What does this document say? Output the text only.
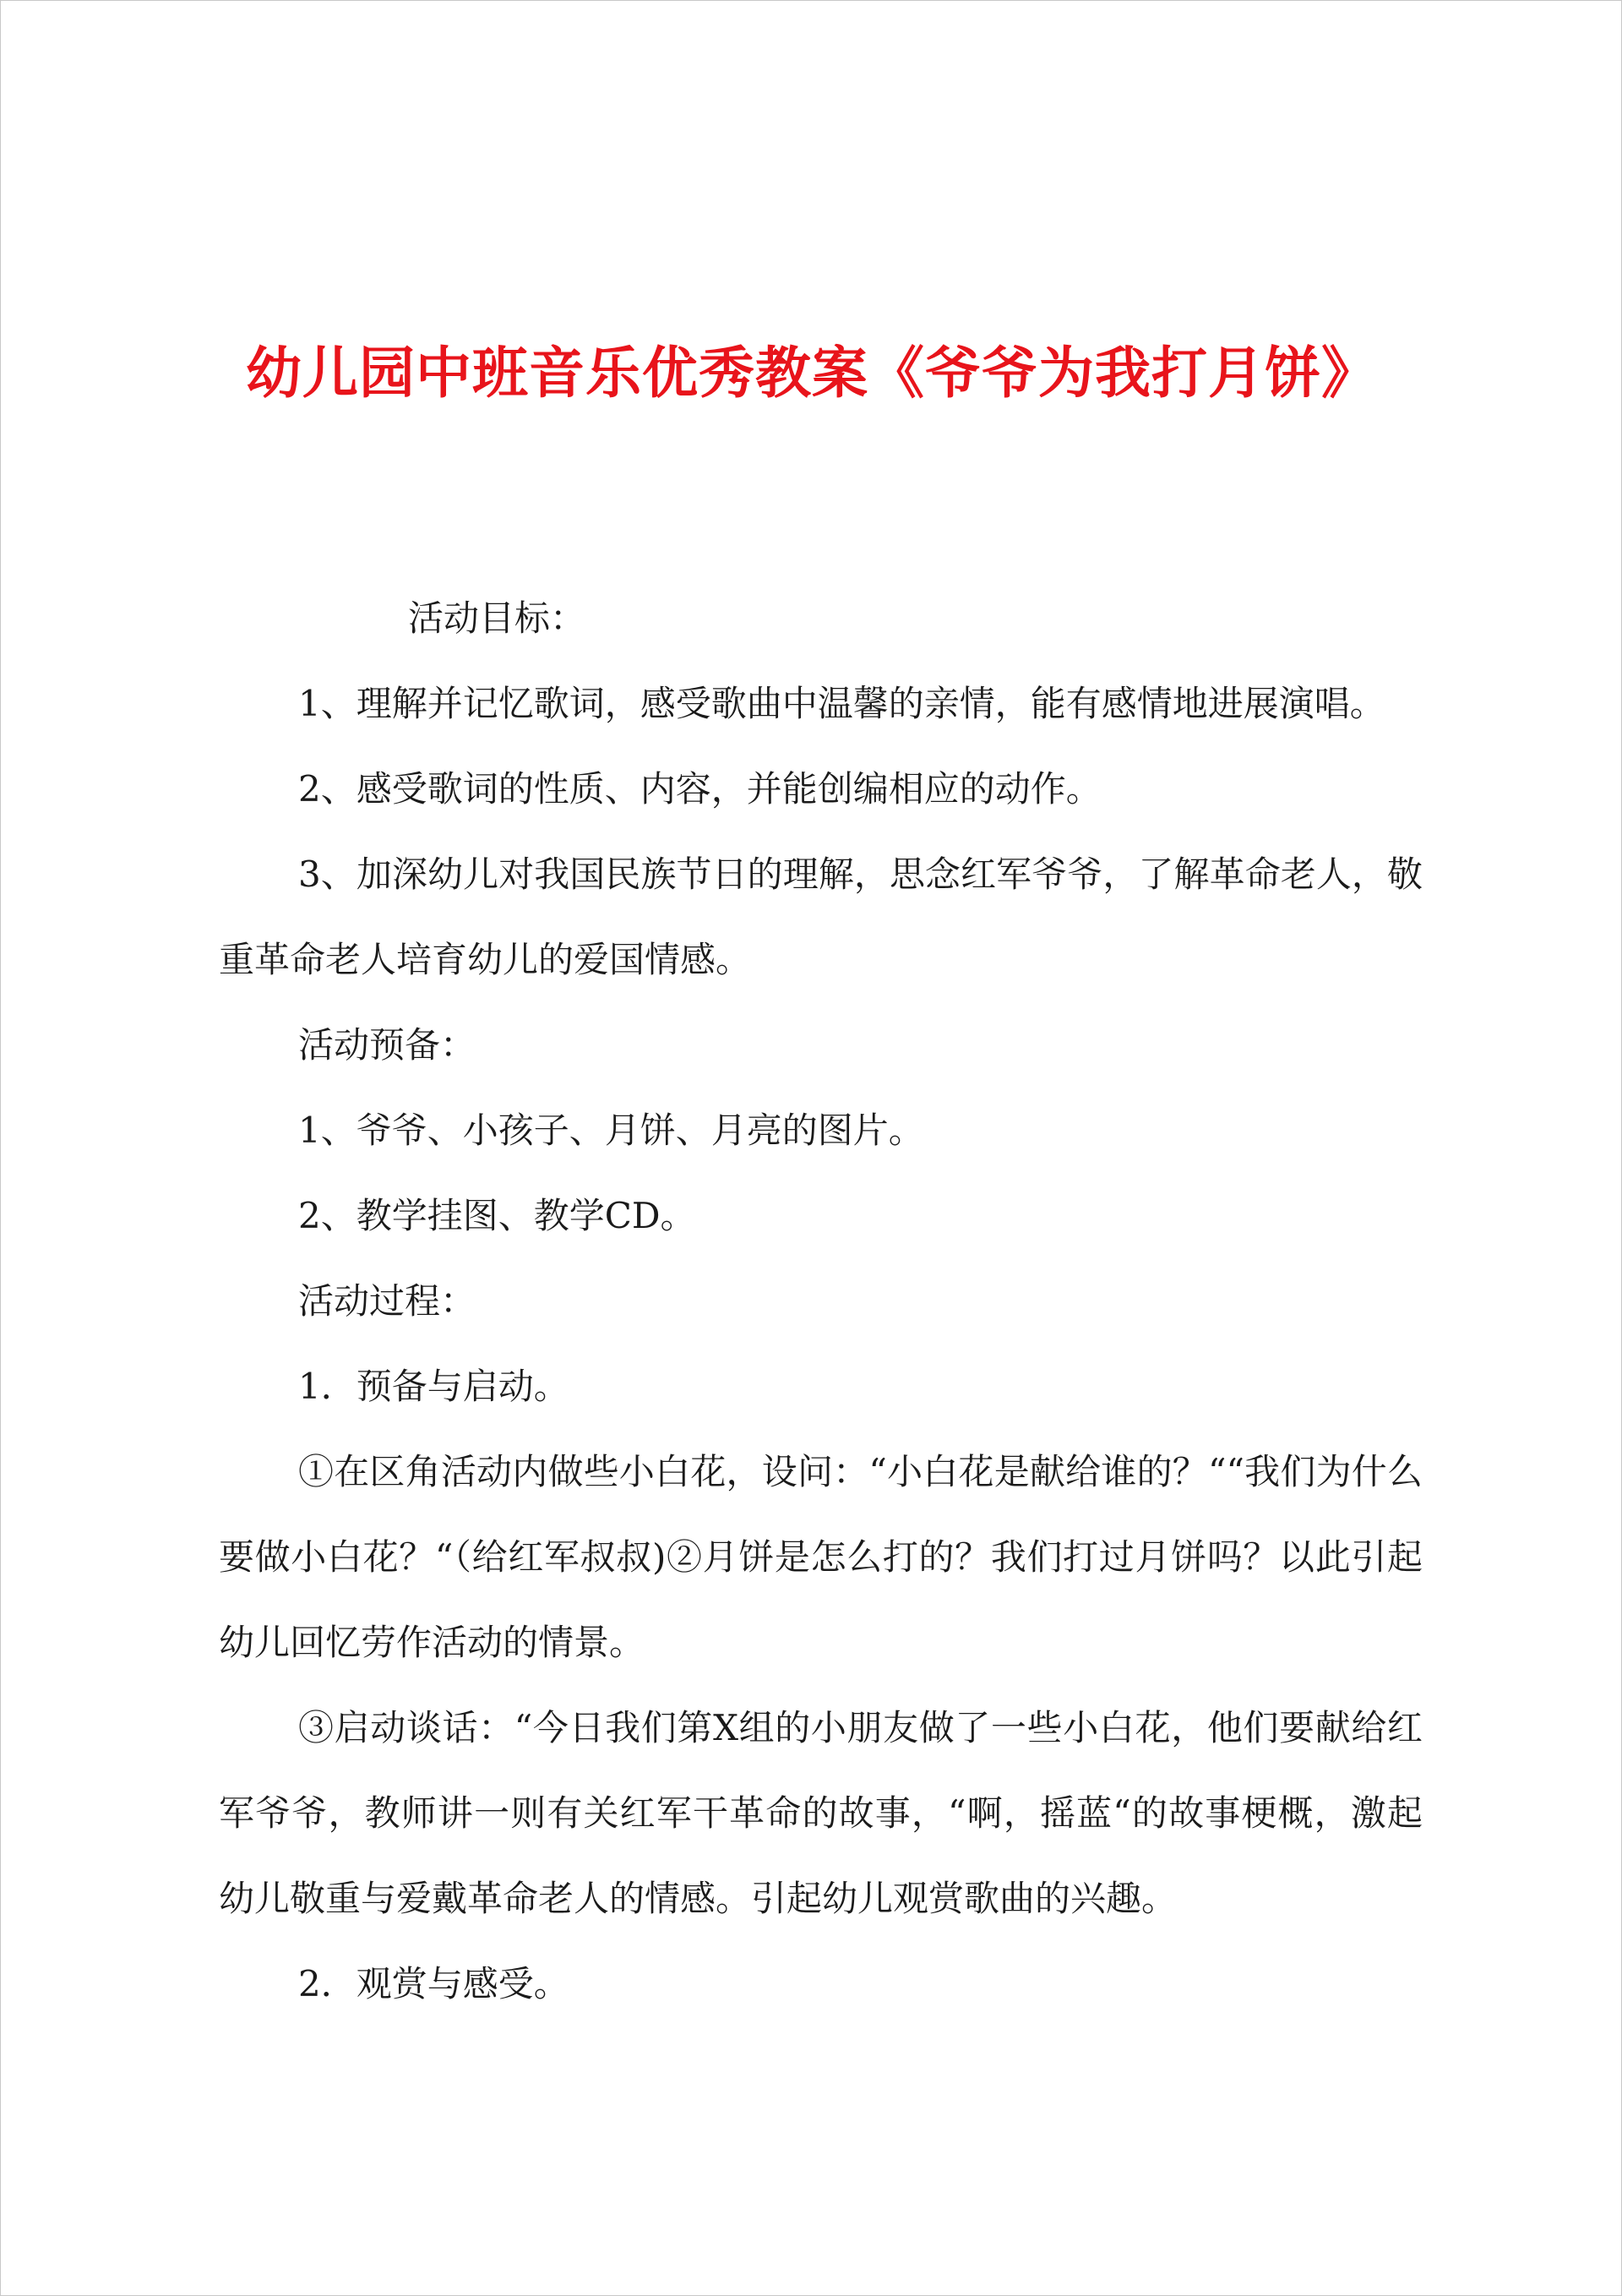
幼儿园中班音乐优秀教案《爷爷为我打月饼》

活动目标：

1、理解并记忆歌词，感受歌曲中温馨的亲情，能有感情地进展演唱。

2、感受歌词的性质、内容，并能创编相应的动作。

3、加深幼儿对我国民族节日的理解，思念红军爷爷，了解革命老人，敬重革命老人培育幼儿的爱国情感。

活动预备：

1、爷爷、小孩子、月饼、月亮的图片。

2、教学挂图、教学CD。

活动过程：

1．预备与启动。

①在区角活动内做些小白花，设问：“小白花是献给谁的？““我们为什么要做小白花？“（给红军叔叔)②月饼是怎么打的？我们打过月饼吗？以此引起幼儿回忆劳作活动的情景。

③启动谈话：“今日我们第X组的小朋友做了一些小白花，他们要献给红军爷爷，教师讲一则有关红军干革命的故事，“啊，摇蓝“的故事梗概，激起幼儿敬重与爱戴革命老人的情感。引起幼儿观赏歌曲的兴趣。

2．观赏与感受。
